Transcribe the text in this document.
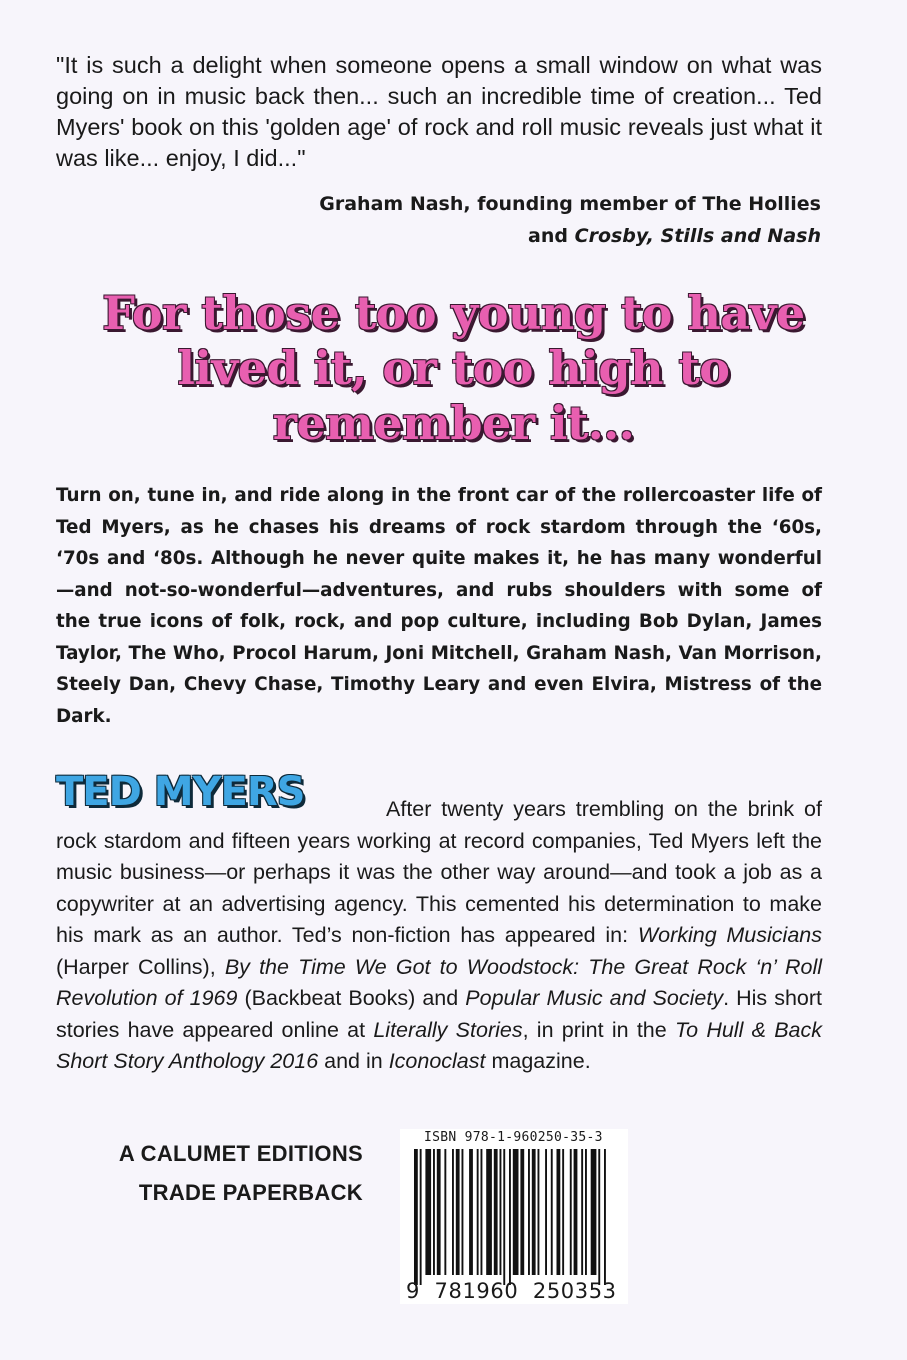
"It is such a delight when someone opens a small window on what was going on in music back then... such an incredible time of creation... Ted Myers' book on this 'golden age' of rock and roll music reveals just what it was like... enjoy, I did..."
Graham Nash, founding member of The Hollies
and Crosby, Stills and Nash
For those too young to have lived it, or too high to remember it...
Turn on, tune in, and ride along in the front car of the rollercoaster life of Ted Myers, as he chases his dreams of rock stardom through the ‘60s, ‘70s and ‘80s. Although he never quite makes it, he has many wonderful—and not-so-wonderful—adventures, and rubs shoulders with some of the true icons of folk, rock, and pop culture, including Bob Dylan, James Taylor, The Who, Procol Harum, Joni Mitchell, Graham Nash, Van Morrison, Steely Dan, Chevy Chase, Timothy Leary and even Elvira, Mistress of the Dark.
TED MYERS	After twenty years trembling on the brink of rock stardom and fifteen years working at record companies, Ted Myers left the music business—or perhaps it was the other way around—and took a job as a copywriter at an advertising agency. This cemented his determination to make his mark as an author. Ted’s non-fiction has appeared in: Working Musicians (Harper Collins), By the Time We Got to Woodstock: The Great Rock ‘n’ Roll Revolution of 1969 (Backbeat Books) and Popular Music and Society. His short stories have appeared online at Literally Stories, in print in the To Hull & Back Short Story Anthology 2016 and in Iconoclast magazine.
A CALUMET EDITIONS
TRADE PAPERBACK
ISBN 978-1-960250-35-3
9 781960 250353
